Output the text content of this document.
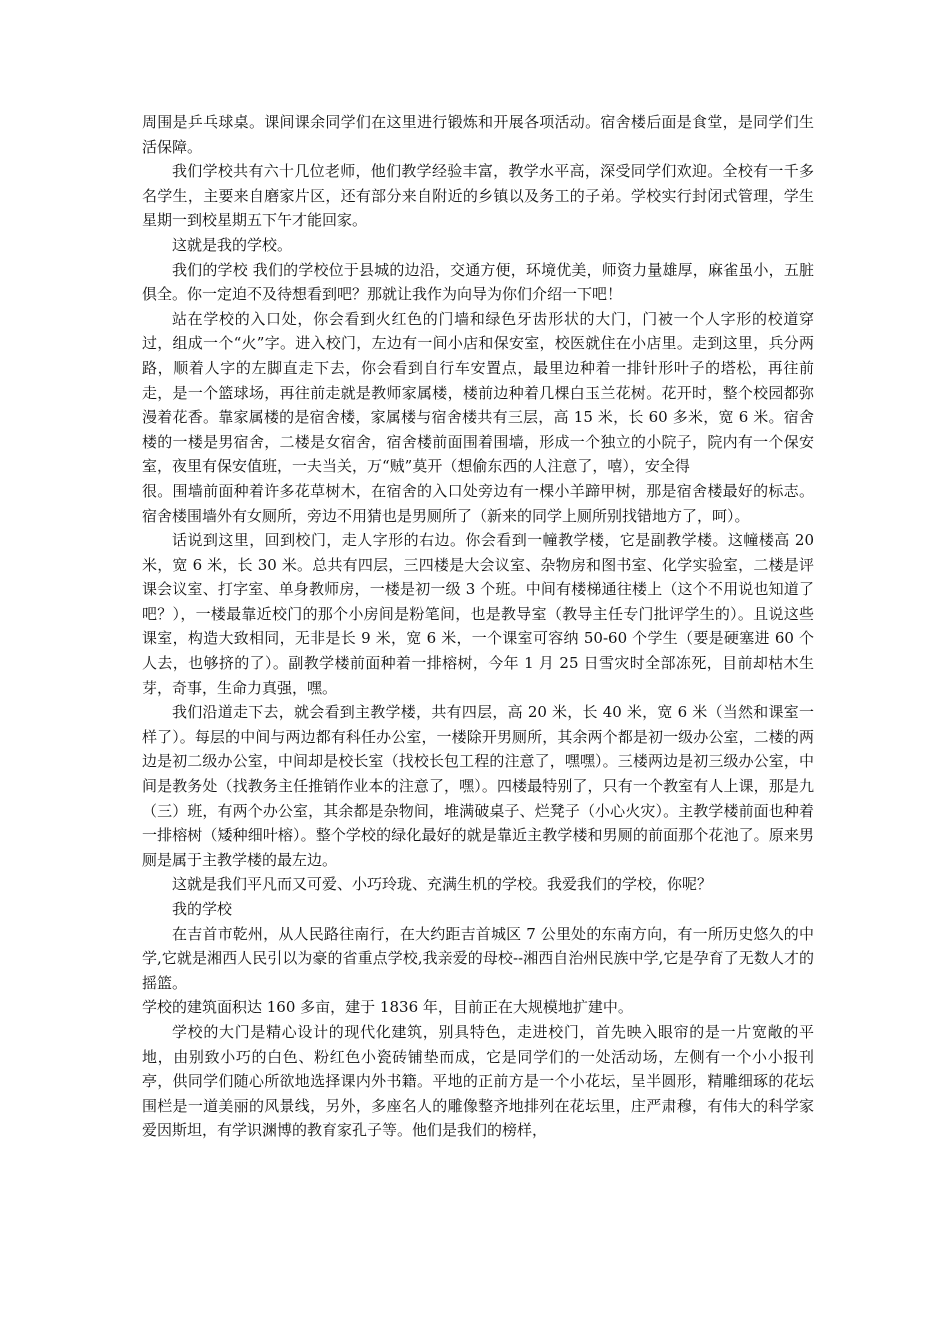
周围是乒乓球桌。课间课余同学们在这里进行锻炼和开展各项活动。宿舍楼后面是食堂，是同学们生活保障。

我们学校共有六十几位老师，他们教学经验丰富，教学水平高，深受同学们欢迎。全校有一千多名学生，主要来自磨家片区，还有部分来自附近的乡镇以及务工的子弟。学校实行封闭式管理，学生星期一到校星期五下午才能回家。

这就是我的学校。

我们的学校 我们的学校位于县城的边沿，交通方便，环境优美，师资力量雄厚，麻雀虽小，五脏俱全。你一定迫不及待想看到吧？那就让我作为向导为你们介绍一下吧！

站在学校的入口处，你会看到火红色的门墙和绿色牙齿形状的大门，门被一个人字形的校道穿过，组成一个“火”字。进入校门，左边有一间小店和保安室，校医就住在小店里。走到这里，兵分两路，顺着人字的左脚直走下去，你会看到自行车安置点，最里边种着一排针形叶子的塔松，再往前走，是一个篮球场，再往前走就是教师家属楼，楼前边种着几棵白玉兰花树。花开时，整个校园都弥漫着花香。靠家属楼的是宿舍楼，家属楼与宿舍楼共有三层，高 15 米，长 60 多米，宽 6 米。宿舍楼的一楼是男宿舍，二楼是女宿舍，宿舍楼前面围着围墙，形成一个独立的小院子，院内有一个保安室，夜里有保安值班，一夫当关，万“贼”莫开（想偷东西的人注意了，嘻），安全得

很。围墙前面种着许多花草树木，在宿舍的入口处旁边有一棵小羊蹄甲树，那是宿舍楼最好的标志。宿舍楼围墙外有女厕所，旁边不用猜也是男厕所了（新来的同学上厕所别找错地方了，呵）。

话说到这里，回到校门，走人字形的右边。你会看到一幢教学楼，它是副教学楼。这幢楼高 20 米，宽 6 米，长 30 米。总共有四层，三四楼是大会议室、杂物房和图书室、化学实验室，二楼是评课会议室、打字室、单身教师房，一楼是初一级 3 个班。中间有楼梯通往楼上（这个不用说也知道了吧？），一楼最靠近校门的那个小房间是粉笔间，也是教导室（教导主任专门批评学生的）。且说这些课室，构造大致相同，无非是长 9 米，宽 6 米，一个课室可容纳 50-60 个学生（要是硬塞进 60 个人去，也够挤的了）。副教学楼前面种着一排榕树，今年 1 月 25 日雪灾时全部冻死，目前却枯木生芽，奇事，生命力真强，嘿。

我们沿道走下去，就会看到主教学楼，共有四层，高 20 米，长 40 米，宽 6 米（当然和课室一样了）。每层的中间与两边都有科任办公室，一楼除开男厕所，其余两个都是初一级办公室，二楼的两边是初二级办公室，中间却是校长室（找校长包工程的注意了，嘿嘿）。三楼两边是初三级办公室，中间是教务处（找教务主任推销作业本的注意了，嘿）。四楼最特别了，只有一个教室有人上课，那是九（三）班，有两个办公室，其余都是杂物间，堆满破桌子、烂凳子（小心火灾）。主教学楼前面也种着一排榕树（矮种细叶榕）。整个学校的绿化最好的就是靠近主教学楼和男厕的前面那个花池了。原来男厕是属于主教学楼的最左边。

这就是我们平凡而又可爱、小巧玲珑、充满生机的学校。我爱我们的学校，你呢？

我的学校

在吉首市乾州，从人民路往南行，在大约距吉首城区 7 公里处的东南方向，有一所历史悠久的中学,它就是湘西人民引以为豪的省重点学校,我亲爱的母校--湘西自治州民族中学,它是孕育了无数人才的摇篮。

学校的建筑面积达 160 多亩，建于 1836 年，目前正在大规模地扩建中。

学校的大门是精心设计的现代化建筑，别具特色，走进校门，首先映入眼帘的是一片宽敞的平地，由别致小巧的白色、粉红色小瓷砖铺垫而成，它是同学们的一处活动场，左侧有一个小小报刊亭，供同学们随心所欲地选择课内外书籍。平地的正前方是一个小花坛，呈半圆形，精雕细琢的花坛围栏是一道美丽的风景线，另外，多座名人的雕像整齐地排列在花坛里，庄严肃穆，有伟大的科学家爱因斯坦，有学识渊博的教育家孔子等。他们是我们的榜样，
